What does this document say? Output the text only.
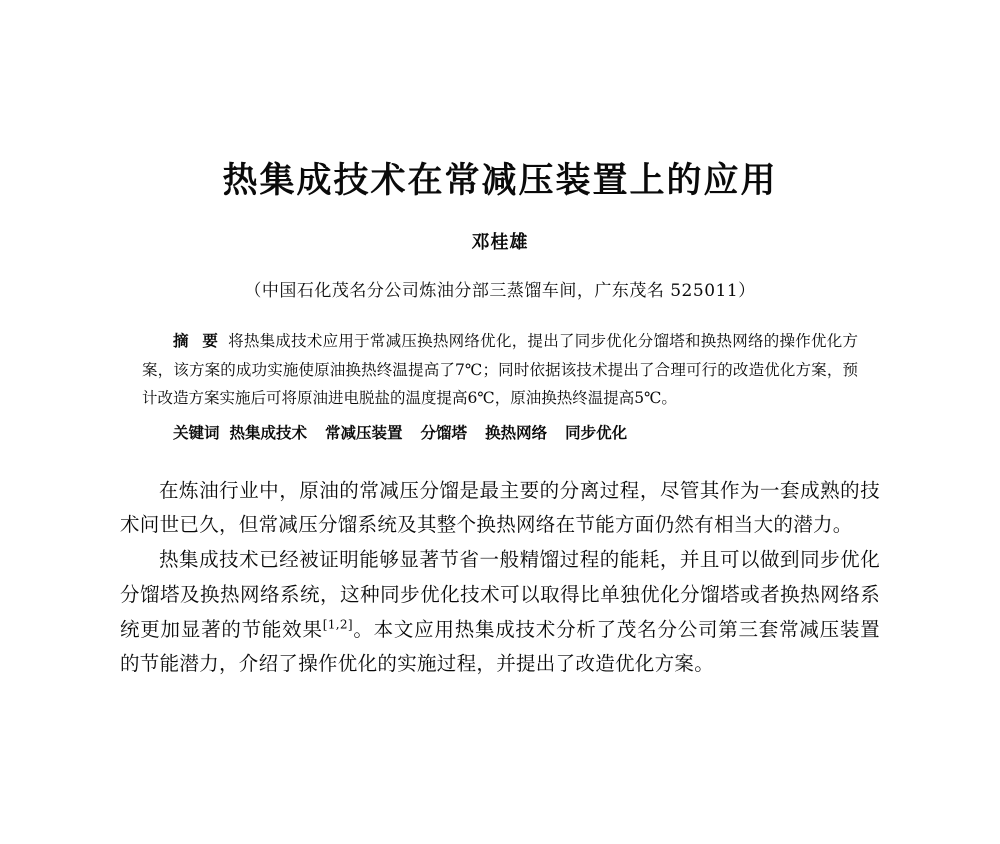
热集成技术在常减压装置上的应用
邓桂雄
（中国石化茂名分公司炼油分部三蒸馏车间，广东茂名 525011）
摘 要 将热集成技术应用于常减压换热网络优化，提出了同步优化分馏塔和换热网络的操作优化方案，该方案的成功实施使原油换热终温提高了7℃；同时依据该技术提出了合理可行的改造优化方案，预计改造方案实施后可将原油进电脱盐的温度提高6℃，原油换热终温提高5℃。
关键词 热集成技术 常减压装置 分馏塔 换热网络 同步优化

在炼油行业中，原油的常减压分馏是最主要的分离过程，尽管其作为一套成熟的技术问世已久，但常减压分馏系统及其整个换热网络在节能方面仍然有相当大的潜力。

热集成技术已经被证明能够显著节省一般精馏过程的能耗，并且可以做到同步优化分馏塔及换热网络系统，这种同步优化技术可以取得比单独优化分馏塔或者换热网络系统更加显著的节能效果[1,2]。本文应用热集成技术分析了茂名分公司第三套常减压装置的节能潜力，介绍了操作优化的实施过程，并提出了改造优化方案。
